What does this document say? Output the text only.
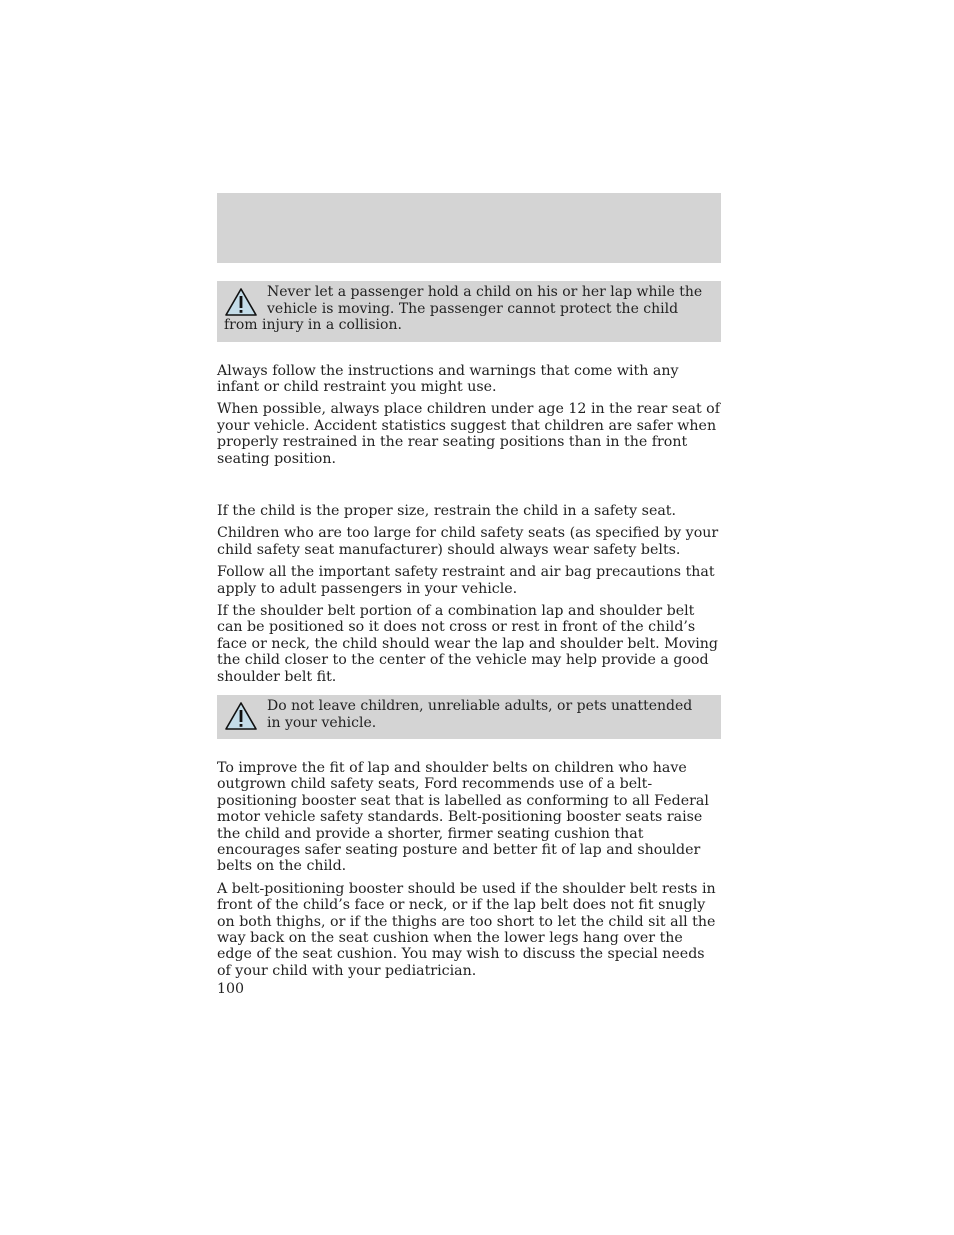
Never let a passenger hold a child on his or her lap while the vehicle is moving. The passenger cannot protect the child from injury in a collision.

Always follow the instructions and warnings that come with any infant or child restraint you might use.

When possible, always place children under age 12 in the rear seat of your vehicle. Accident statistics suggest that children are safer when properly restrained in the rear seating positions than in the front seating position.

If the child is the proper size, restrain the child in a safety seat.

Children who are too large for child safety seats (as specified by your child safety seat manufacturer) should always wear safety belts.

Follow all the important safety restraint and air bag precautions that apply to adult passengers in your vehicle.

If the shoulder belt portion of a combination lap and shoulder belt can be positioned so it does not cross or rest in front of the child’s face or neck, the child should wear the lap and shoulder belt. Moving the child closer to the center of the vehicle may help provide a good shoulder belt fit.

Do not leave children, unreliable adults, or pets unattended in your vehicle.

To improve the fit of lap and shoulder belts on children who have outgrown child safety seats, Ford recommends use of a belt-positioning booster seat that is labelled as conforming to all Federal motor vehicle safety standards. Belt-positioning booster seats raise the child and provide a shorter, firmer seating cushion that encourages safer seating posture and better fit of lap and shoulder belts on the child.

A belt-positioning booster should be used if the shoulder belt rests in front of the child’s face or neck, or if the lap belt does not fit snugly on both thighs, or if the thighs are too short to let the child sit all the way back on the seat cushion when the lower legs hang over the edge of the seat cushion. You may wish to discuss the special needs of your child with your pediatrician.

100
